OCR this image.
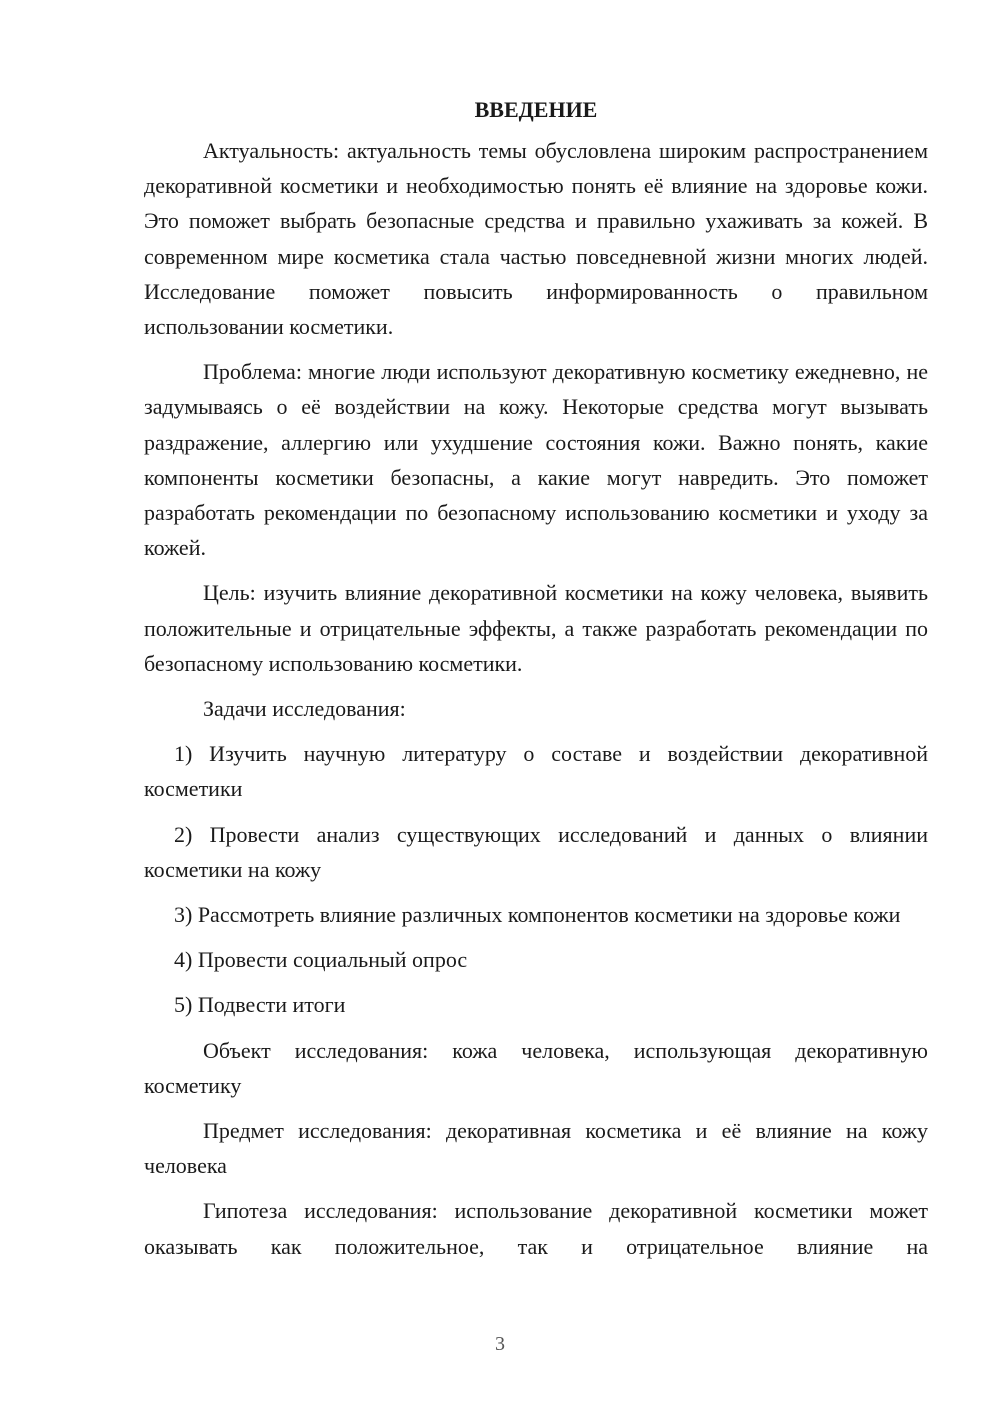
ВВЕДЕНИЕ

Актуальность: актуальность темы обусловлена широким распространением декоративной косметики и необходимостью понять её влияние на здоровье кожи. Это поможет выбрать безопасные средства и правильно ухаживать за кожей. В современном мире косметика стала частью повседневной жизни многих людей. Исследование поможет повысить информированность о правильном использовании косметики.

Проблема: многие люди используют декоративную косметику ежедневно, не задумываясь о её воздействии на кожу. Некоторые средства могут вызывать раздражение, аллергию или ухудшение состояния кожи. Важно понять, какие компоненты косметики безопасны, а какие могут навредить. Это поможет разработать рекомендации по безопасному использованию косметики и уходу за кожей.

Цель: изучить влияние декоративной косметики на кожу человека, выявить положительные и отрицательные эффекты, а также разработать рекомендации по безопасному использованию косметики.

Задачи исследования:

1) Изучить научную литературу о составе и воздействии декоративной косметики

2) Провести анализ существующих исследований и данных о влиянии косметики на кожу

3) Рассмотреть влияние различных компонентов косметики на здоровье кожи

4) Провести социальный опрос

5) Подвести итоги

Объект исследования: кожа человека, использующая декоративную косметику

Предмет исследования: декоративная косметика и её влияние на кожу человека

Гипотеза исследования: использование декоративной косметики может оказывать как положительное, так и отрицательное влияние на

3
